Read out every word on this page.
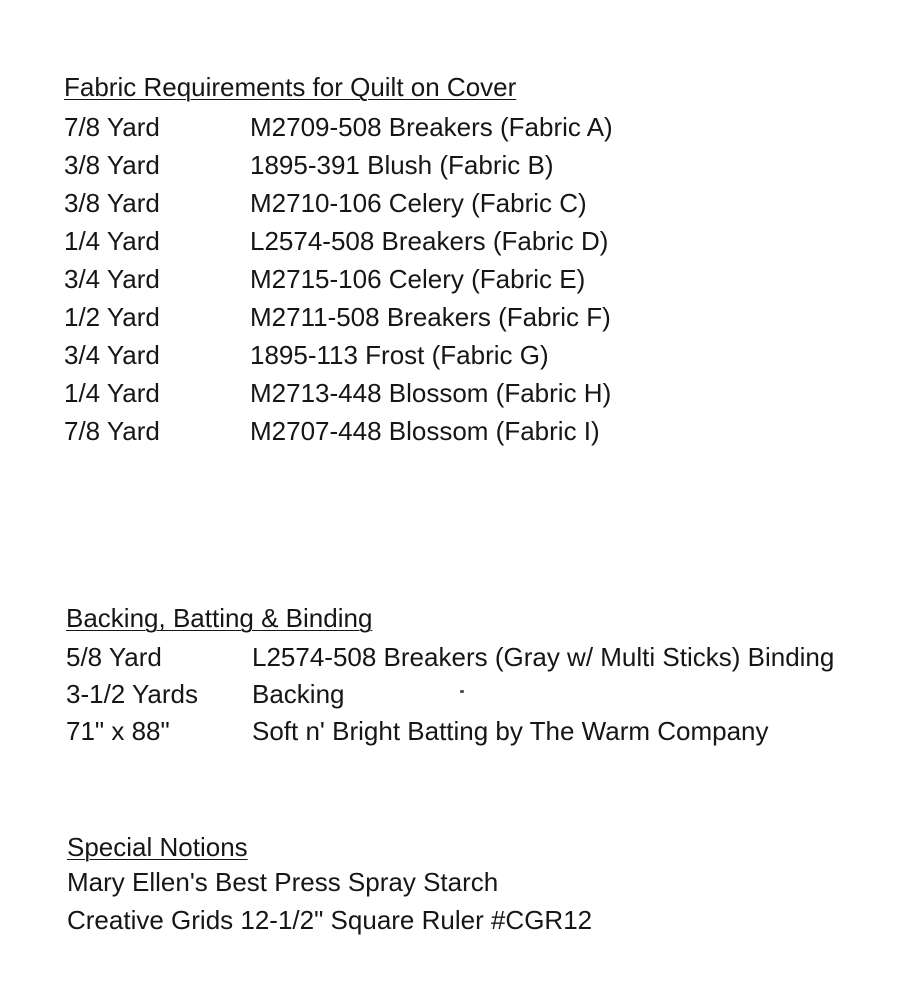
Fabric Requirements for Quilt on Cover
7/8 Yard	M2709-508 Breakers (Fabric A)
3/8 Yard	1895-391 Blush (Fabric B)
3/8 Yard	M2710-106 Celery (Fabric C)
1/4 Yard	L2574-508 Breakers (Fabric D)
3/4 Yard	M2715-106 Celery (Fabric E)
1/2 Yard	M2711-508 Breakers (Fabric F)
3/4 Yard	1895-113 Frost (Fabric G)
1/4 Yard	M2713-448 Blossom (Fabric H)
7/8 Yard	M2707-448 Blossom (Fabric I)
Backing, Batting & Binding
5/8 Yard	L2574-508 Breakers (Gray w/ Multi Sticks) Binding
3-1/2 Yards Backing
71" x 88"	Soft n' Bright Batting by The Warm Company
Special Notions
Mary Ellen's Best Press Spray Starch
Creative Grids 12-1/2" Square Ruler #CGR12
